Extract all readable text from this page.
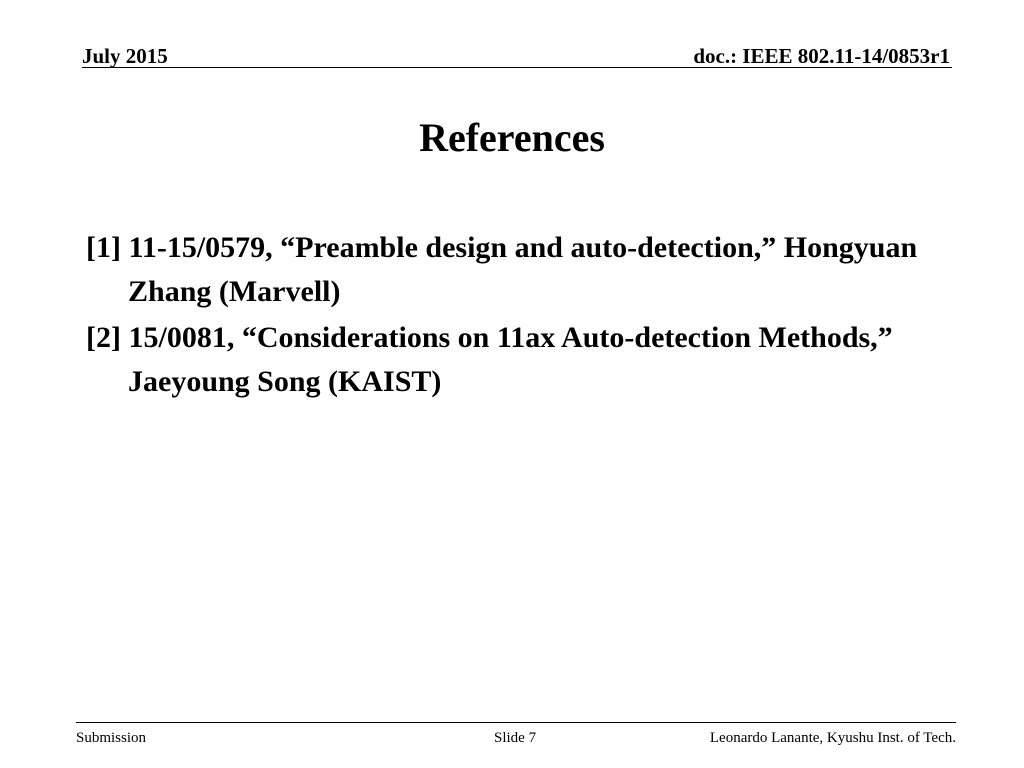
July 2015	doc.: IEEE 802.11-14/0853r1
References
[1] 11-15/0579, “Preamble design and auto-detection,” Hongyuan Zhang (Marvell)
[2] 15/0081, “Considerations on 11ax Auto-detection Methods,” Jaeyoung Song (KAIST)
Submission	Slide 7	Leonardo Lanante, Kyushu Inst. of Tech.
